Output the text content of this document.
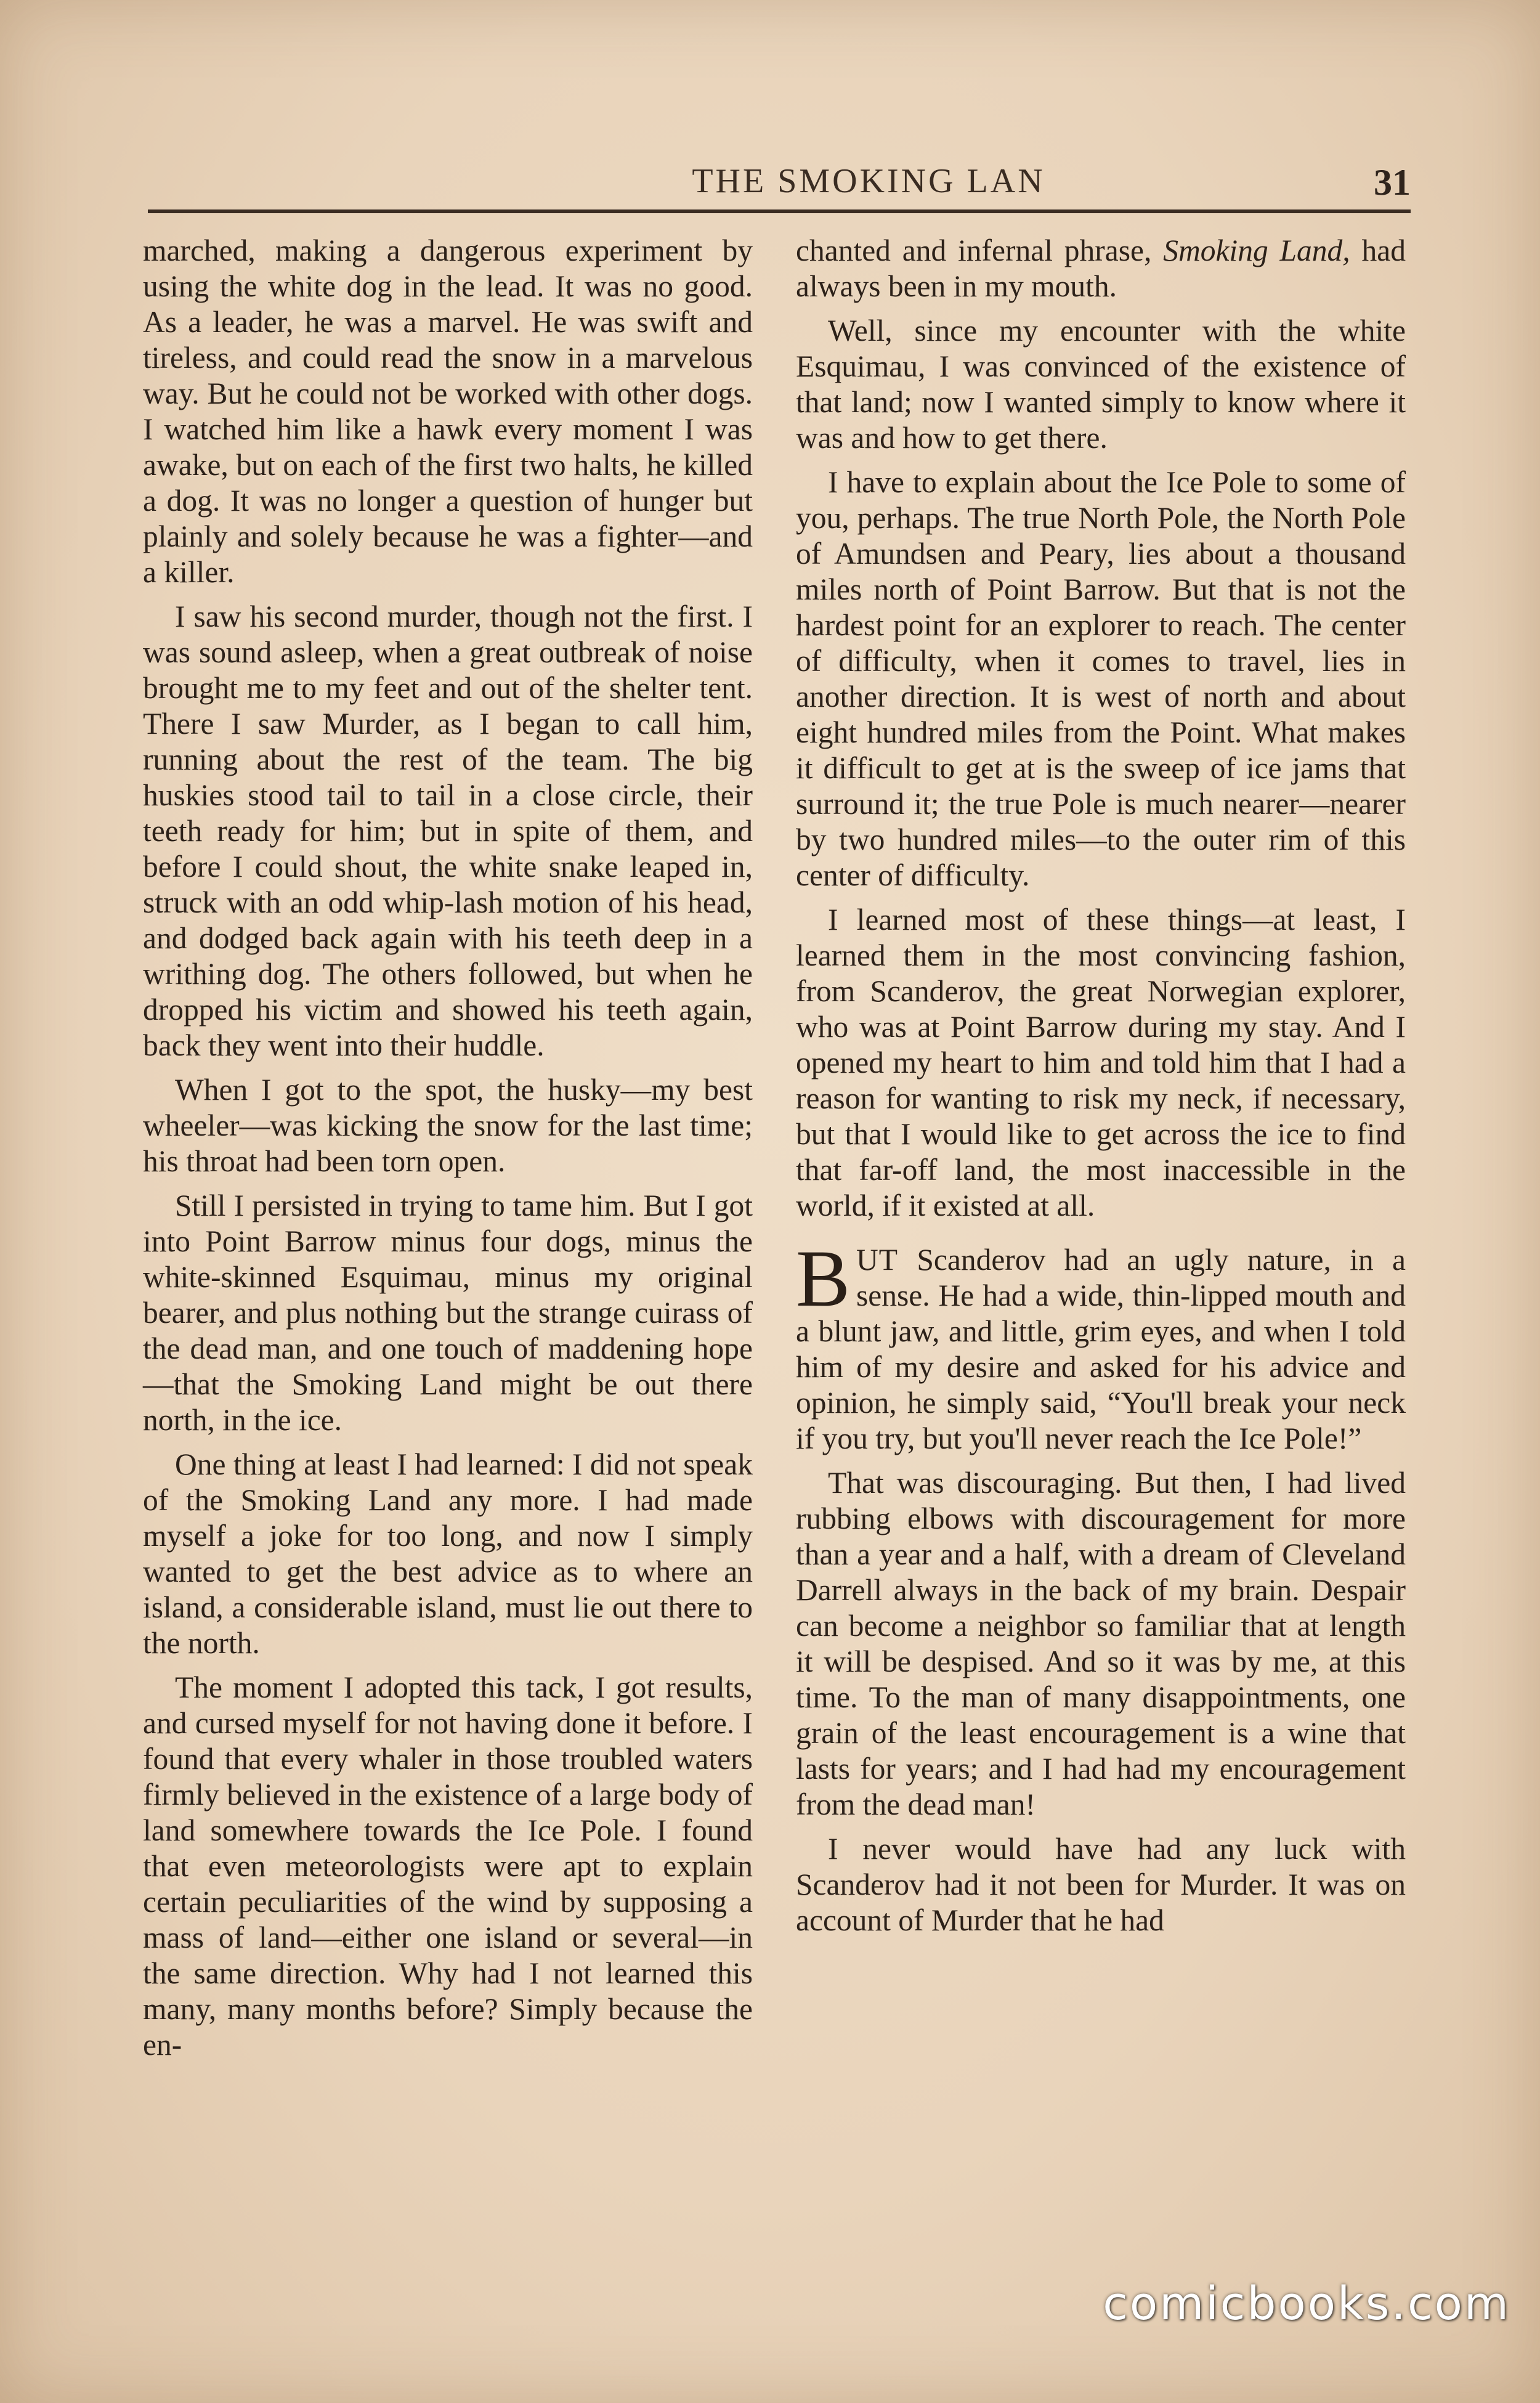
THE SMOKING LAN	31

marched, making a dangerous experiment by using the white dog in the lead. It was no good. As a leader, he was a marvel. He was swift and tireless, and could read the snow in a marvelous way. But he could not be worked with other dogs. I watched him like a hawk every moment I was awake, but on each of the first two halts, he killed a dog. It was no longer a question of hunger but plainly and solely because he was a fighter—and a killer.

I saw his second murder, though not the first. I was sound asleep, when a great outbreak of noise brought me to my feet and out of the shelter tent. There I saw Murder, as I began to call him, running about the rest of the team. The big huskies stood tail to tail in a close circle, their teeth ready for him; but in spite of them, and before I could shout, the white snake leaped in, struck with an odd whip-lash motion of his head, and dodged back again with his teeth deep in a writhing dog. The others followed, but when he dropped his victim and showed his teeth again, back they went into their huddle.

When I got to the spot, the husky—my best wheeler—was kicking the snow for the last time; his throat had been torn open.

Still I persisted in trying to tame him. But I got into Point Barrow minus four dogs, minus the white-skinned Esquimau, minus my original bearer, and plus nothing but the strange cuirass of the dead man, and one touch of maddening hope—that the Smoking Land might be out there north, in the ice.

One thing at least I had learned: I did not speak of the Smoking Land any more. I had made myself a joke for too long, and now I simply wanted to get the best advice as to where an island, a considerable island, must lie out there to the north.

The moment I adopted this tack, I got results, and cursed myself for not having done it before. I found that every whaler in those troubled waters firmly believed in the existence of a large body of land somewhere towards the Ice Pole. I found that even meteorologists were apt to explain certain peculiarities of the wind by supposing a mass of land—either one island or several—in the same direction. Why had I not learned this many, many months before? Simply because the en-

chanted and infernal phrase, Smoking Land, had always been in my mouth.

Well, since my encounter with the white Esquimau, I was convinced of the existence of that land; now I wanted simply to know where it was and how to get there.

I have to explain about the Ice Pole to some of you, perhaps. The true North Pole, the North Pole of Amundsen and Peary, lies about a thousand miles north of Point Barrow. But that is not the hardest point for an explorer to reach. The center of difficulty, when it comes to travel, lies in another direction. It is west of north and about eight hundred miles from the Point. What makes it difficult to get at is the sweep of ice jams that surround it; the true Pole is much nearer—nearer by two hundred miles—to the outer rim of this center of difficulty.

I learned most of these things—at least, I learned them in the most convincing fashion, from Scanderov, the great Norwegian explorer, who was at Point Barrow during my stay. And I opened my heart to him and told him that I had a reason for wanting to risk my neck, if necessary, but that I would like to get across the ice to find that far-off land, the most inaccessible in the world, if it existed at all.

BUT Scanderov had an ugly nature, in a sense. He had a wide, thin-lipped mouth and a blunt jaw, and little, grim eyes, and when I told him of my desire and asked for his advice and opinion, he simply said, “You'll break your neck if you try, but you'll never reach the Ice Pole!”

That was discouraging. But then, I had lived rubbing elbows with discouragement for more than a year and a half, with a dream of Cleveland Darrell always in the back of my brain. Despair can become a neighbor so familiar that at length it will be despised. And so it was by me, at this time. To the man of many disappointments, one grain of the least encouragement is a wine that lasts for years; and I had had my encouragement from the dead man!

I never would have had any luck with Scanderov had it not been for Murder. It was on account of Murder that he had

comicbooks.com
